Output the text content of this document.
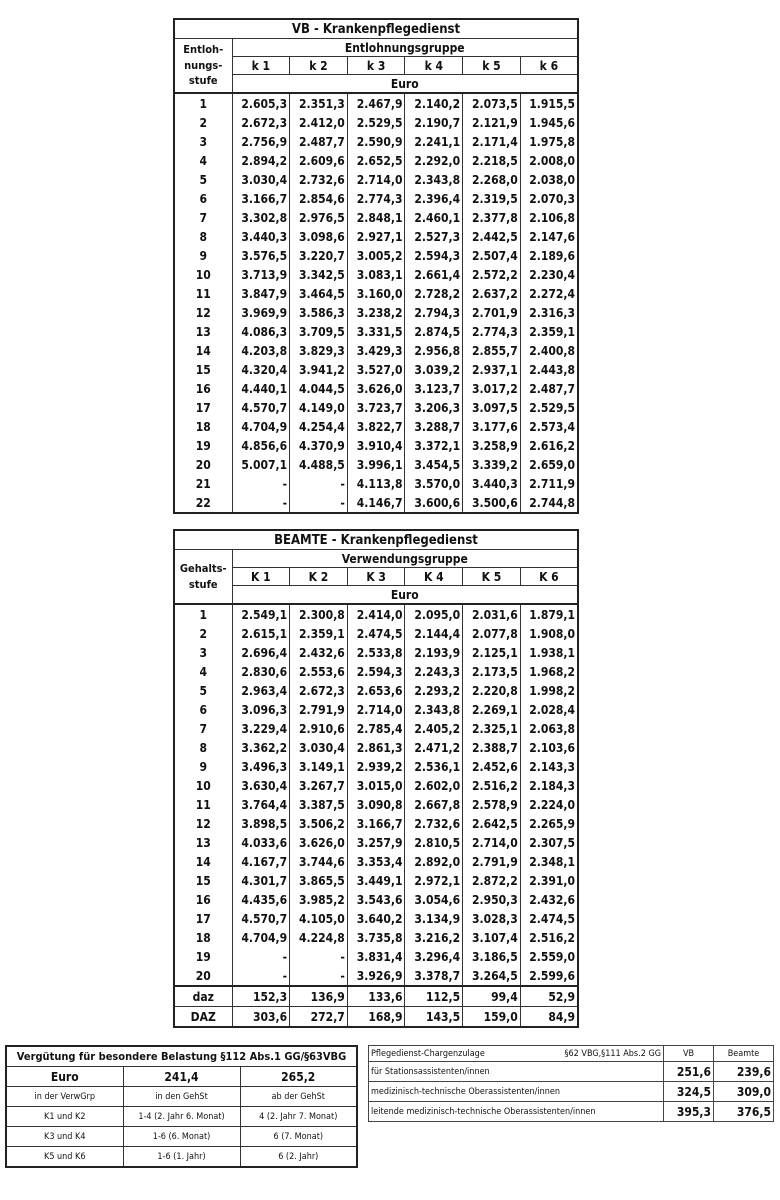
VB - Krankenpflegedienst						
Entloh-
nungs-
stufe	Entlohnungsgruppe					
	k 1	k 2	k 3	k 4	k 5	k 6
	Euro					
1	2.605,3	2.351,3	2.467,9	2.140,2	2.073,5	1.915,5
2	2.672,3	2.412,0	2.529,5	2.190,7	2.121,9	1.945,6
3	2.756,9	2.487,7	2.590,9	2.241,1	2.171,4	1.975,8
4	2.894,2	2.609,6	2.652,5	2.292,0	2.218,5	2.008,0
5	3.030,4	2.732,6	2.714,0	2.343,8	2.268,0	2.038,0
6	3.166,7	2.854,6	2.774,3	2.396,4	2.319,5	2.070,3
7	3.302,8	2.976,5	2.848,1	2.460,1	2.377,8	2.106,8
8	3.440,3	3.098,6	2.927,1	2.527,3	2.442,5	2.147,6
9	3.576,5	3.220,7	3.005,2	2.594,3	2.507,4	2.189,6
10	3.713,9	3.342,5	3.083,1	2.661,4	2.572,2	2.230,4
11	3.847,9	3.464,5	3.160,0	2.728,2	2.637,2	2.272,4
12	3.969,9	3.586,3	3.238,2	2.794,3	2.701,9	2.316,3
13	4.086,3	3.709,5	3.331,5	2.874,5	2.774,3	2.359,1
14	4.203,8	3.829,3	3.429,3	2.956,8	2.855,7	2.400,8
15	4.320,4	3.941,2	3.527,0	3.039,2	2.937,1	2.443,8
16	4.440,1	4.044,5	3.626,0	3.123,7	3.017,2	2.487,7
17	4.570,7	4.149,0	3.723,7	3.206,3	3.097,5	2.529,5
18	4.704,9	4.254,4	3.822,7	3.288,7	3.177,6	2.573,4
19	4.856,6	4.370,9	3.910,4	3.372,1	3.258,9	2.616,2
20	5.007,1	4.488,5	3.996,1	3.454,5	3.339,2	2.659,0
21	-	-	4.113,8	3.570,0	3.440,3	2.711,9
22	-	-	4.146,7	3.600,6	3.500,6	2.744,8
BEAMTE - Krankenpflegedienst						
Gehalts-
stufe	Verwendungsgruppe					
	K 1	K 2	K 3	K 4	K 5	K 6
	Euro					
1	2.549,1	2.300,8	2.414,0	2.095,0	2.031,6	1.879,1
2	2.615,1	2.359,1	2.474,5	2.144,4	2.077,8	1.908,0
3	2.696,4	2.432,6	2.533,8	2.193,9	2.125,1	1.938,1
4	2.830,6	2.553,6	2.594,3	2.243,3	2.173,5	1.968,2
5	2.963,4	2.672,3	2.653,6	2.293,2	2.220,8	1.998,2
6	3.096,3	2.791,9	2.714,0	2.343,8	2.269,1	2.028,4
7	3.229,4	2.910,6	2.785,4	2.405,2	2.325,1	2.063,8
8	3.362,2	3.030,4	2.861,3	2.471,2	2.388,7	2.103,6
9	3.496,3	3.149,1	2.939,2	2.536,1	2.452,6	2.143,3
10	3.630,4	3.267,7	3.015,0	2.602,0	2.516,2	2.184,3
11	3.764,4	3.387,5	3.090,8	2.667,8	2.578,9	2.224,0
12	3.898,5	3.506,2	3.166,7	2.732,6	2.642,5	2.265,9
13	4.033,6	3.626,0	3.257,9	2.810,5	2.714,0	2.307,5
14	4.167,7	3.744,6	3.353,4	2.892,0	2.791,9	2.348,1
15	4.301,7	3.865,5	3.449,1	2.972,1	2.872,2	2.391,0
16	4.435,6	3.985,2	3.543,6	3.054,6	2.950,3	2.432,6
17	4.570,7	4.105,0	3.640,2	3.134,9	3.028,3	2.474,5
18	4.704,9	4.224,8	3.735,8	3.216,2	3.107,4	2.516,2
19	-	-	3.831,4	3.296,4	3.186,5	2.559,0
20	-	-	3.926,9	3.378,7	3.264,5	2.599,6
daz	152,3	136,9	133,6	112,5	99,4	52,9
DAZ	303,6	272,7	168,9	143,5	159,0	84,9
Vergütung für besondere Belastung §112 Abs.1 GG/§63VBG		
Euro	241,4	265,2
in der VerwGrp	in den GehSt	ab der GehSt
K1 und K2	1-4 (2. Jahr 6. Monat)	4 (2. Jahr 7. Monat)
K3 und K4	1-6 (6. Monat)	6 (7. Monat)
K5 und K6	1-6 (1. Jahr)	6 (2. Jahr)
Pflegedienst-Chargenzulage §62 VBG,§111 Abs.2 GG	VB	Beamte
für Stationsassistenten/innen	251,6	239,6
medizinisch-technische Oberassistenten/innen	324,5	309,0
leitende medizinisch-technische Oberassistenten/innen	395,3	376,5
